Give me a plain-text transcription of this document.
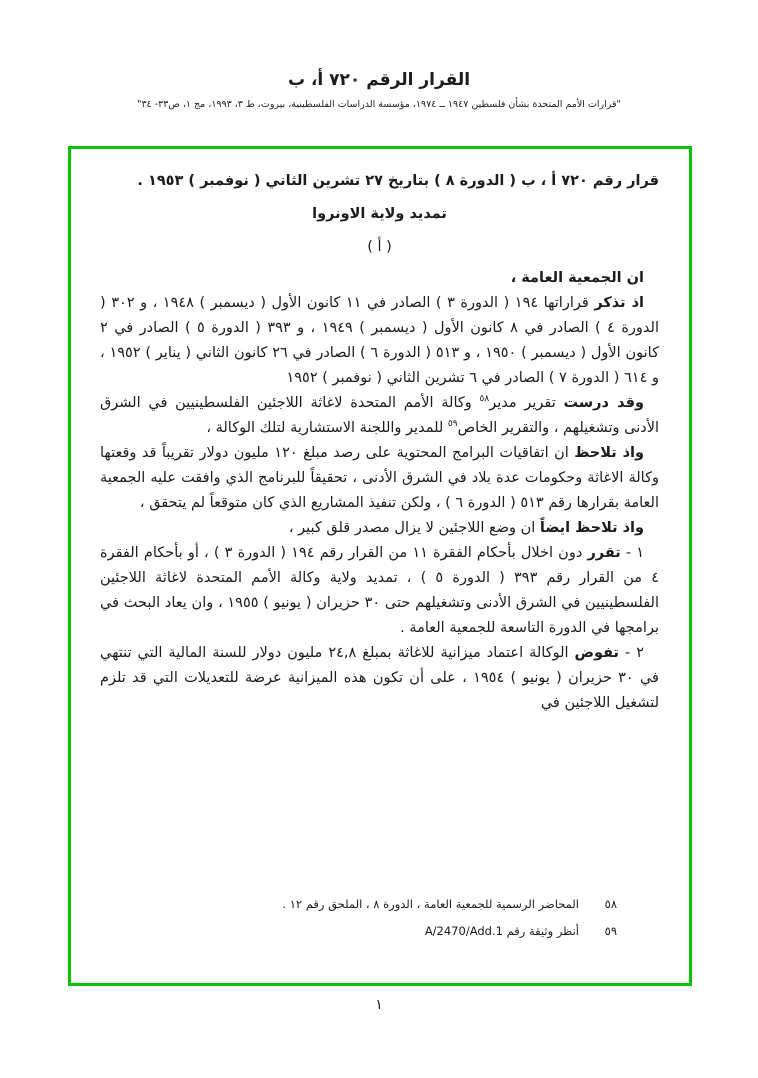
القرار الرقم ٧٢٠ أ، ب
"قرارات الأمم المتحدة بشأن فلسطين ١٩٤٧ ــ ١٩٧٤، مؤسسة الدراسات الفلسطينية، بيروت، ط ٣، ١٩٩٣، مج ١، ص٣٣- ٣٤"

قرار رقم ٧٢٠ أ ، ب ( الدورة ٨ ) بتاريخ ٢٧ تشرين الثاني ( نوفمبر ) ١٩٥٣ .

تمديد ولاية الاونروا

( أ )

ان الجمعية العامة ،

اذ تذكر قراراتها ١٩٤ ( الدورة ٣ ) الصادر في ١١ كانون الأول ( ديسمبر ) ١٩٤٨ ، و ٣٠٢ ( الدورة ٤ ) الصادر في ٨ كانون الأول ( ديسمبر ) ١٩٤٩ ، و ٣٩٣ ( الدورة ٥ ) الصادر في ٢ كانون الأول ( ديسمبر ) ١٩٥٠ ، و ٥١٣ ( الدورة ٦ ) الصادر في ٢٦ كانون الثاني ( يناير ) ١٩٥٢ ، و ٦١٤ ( الدورة ٧ ) الصادر في ٦ تشرين الثاني ( نوفمبر ) ١٩٥٢

وقد درست تقرير مدير$^{٥٨}$ وكالة الأمم المتحدة لاغاثة اللاجئين الفلسطينيين في الشرق الأدنى وتشغيلهم ، والتقرير الخاص$^{٥٩}$ للمدير واللجنة الاستشارية لتلك الوكالة ،

واذ تلاحظ ان اتفاقيات البرامج المحتوية على رصد مبلغ ١٢٠ مليون دولار تقريباً قد وقعتها وكالة الاغاثة وحكومات عدة بلاد في الشرق الأدنى ، تحقيقاً للبرنامج الذي وافقت عليه الجمعية العامة بقرارها رقم ٥١٣ ( الدورة ٦ ) ، ولكن تنفيذ المشاريع الذي كان متوقعاً لم يتحقق ،

واذ تلاحظ ايضاً ان وضع اللاجئين لا يزال مصدر قلق كبير ،

١ - تقرر دون اخلال بأحكام الفقرة ١١ من القرار رقم ١٩٤ ( الدورة ٣ ) ، أو بأحكام الفقرة ٤ من القرار رقم ٣٩٣ ( الدورة ٥ ) ، تمديد ولاية وكالة الأمم المتحدة لاغاثة اللاجئين الفلسطينيين في الشرق الأدنى وتشغيلهم حتى ٣٠ حزيران ( يونيو ) ١٩٥٥ ، وان يعاد البحث في برامجها في الدورة التاسعة للجمعية العامة .

٢ - تفوض الوكالة اعتماد ميزانية للاغاثة بمبلغ ٢٤,٨ مليون دولار للسنة المالية التي تنتهي في ٣٠ حزيران ( يونيو ) ١٩٥٤ ، على أن تكون هذه الميزانية عرضة للتعديلات التي قد تلزم لتشغيل اللاجئين في

٥٨المحاضر الرسمية للجمعية العامة ، الدورة ٨ ، الملحق رقم ١٢ .
٥٩أنظر وثيقة رقم A/2470/Add.1
١
